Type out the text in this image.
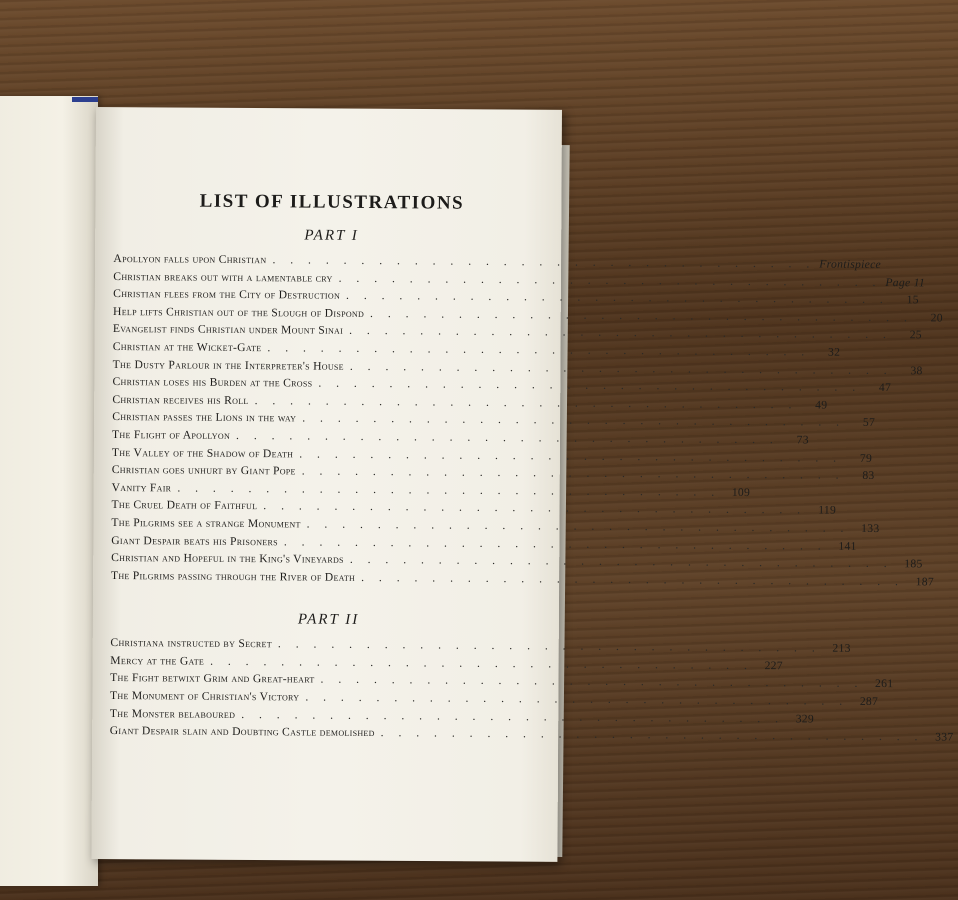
LIST OF ILLUSTRATIONS
PART I
Apollyon falls upon Christian . . . . . . . . . . . . . . . . . . . . . . . . . . . . . . . Frontispiece
Christian breaks out with a lamentable cry . . . . . . . . . . . . . . . . . . . . . . . . . . . . . . . Page 11
Christian flees from the City of Destruction . . . . . . . . . . . . . . . . . . . . . . . . . . . . . . .	15
Help lifts Christian out of the Slough of Dispond . . . . . . . . . . . . . . . . . . . . . . . . . . . . . . .	20
Evangelist finds Christian under Mount Sinai . . . . . . . . . . . . . . . . . . . . . . . . . . . . . . .	25
Christian at the Wicket-Gate . . . . . . . . . . . . . . . . . . . . . . . . . . . . . . .	32
The Dusty Parlour in the Interpreter's House . . . . . . . . . . . . . . . . . . . . . . . . . . . . . . .	38
Christian loses his Burden at the Cross . . . . . . . . . . . . . . . . . . . . . . . . . . . . . . .	47
Christian receives his Roll . . . . . . . . . . . . . . . . . . . . . . . . . . . . . . .	49
Christian passes the Lions in the way . . . . . . . . . . . . . . . . . . . . . . . . . . . . . . .	57
The Flight of Apollyon . . . . . . . . . . . . . . . . . . . . . . . . . . . . . . .	73
The Valley of the Shadow of Death . . . . . . . . . . . . . . . . . . . . . . . . . . . . . . .	79
Christian goes unhurt by Giant Pope . . . . . . . . . . . . . . . . . . . . . . . . . . . . . . .	83
Vanity Fair . . . . . . . . . . . . . . . . . . . . . . . . . . . . . . .	109
The Cruel Death of Faithful . . . . . . . . . . . . . . . . . . . . . . . . . . . . . . .	119
The Pilgrims see a strange Monument . . . . . . . . . . . . . . . . . . . . . . . . . . . . . . .	133
Giant Despair beats his Prisoners . . . . . . . . . . . . . . . . . . . . . . . . . . . . . . .	141
Christian and Hopeful in the King's Vineyards . . . . . . . . . . . . . . . . . . . . . . . . . . . . . . .	185
The Pilgrims passing through the River of Death . . . . . . . . . . . . . . . . . . . . . . . . . . . . . . .	187
PART II
Christiana instructed by Secret . . . . . . . . . . . . . . . . . . . . . . . . . . . . . . .	213
Mercy at the Gate . . . . . . . . . . . . . . . . . . . . . . . . . . . . . . .	227
The Fight betwixt Grim and Great-heart . . . . . . . . . . . . . . . . . . . . . . . . . . . . . . .	261
The Monument of Christian's Victory . . . . . . . . . . . . . . . . . . . . . . . . . . . . . . .	287
The Monster belaboured . . . . . . . . . . . . . . . . . . . . . . . . . . . . . . .	329
Giant Despair slain and Doubting Castle demolished . . . . . . . . . . . . . . . . . . . . . . . . . . . . . . .	337
